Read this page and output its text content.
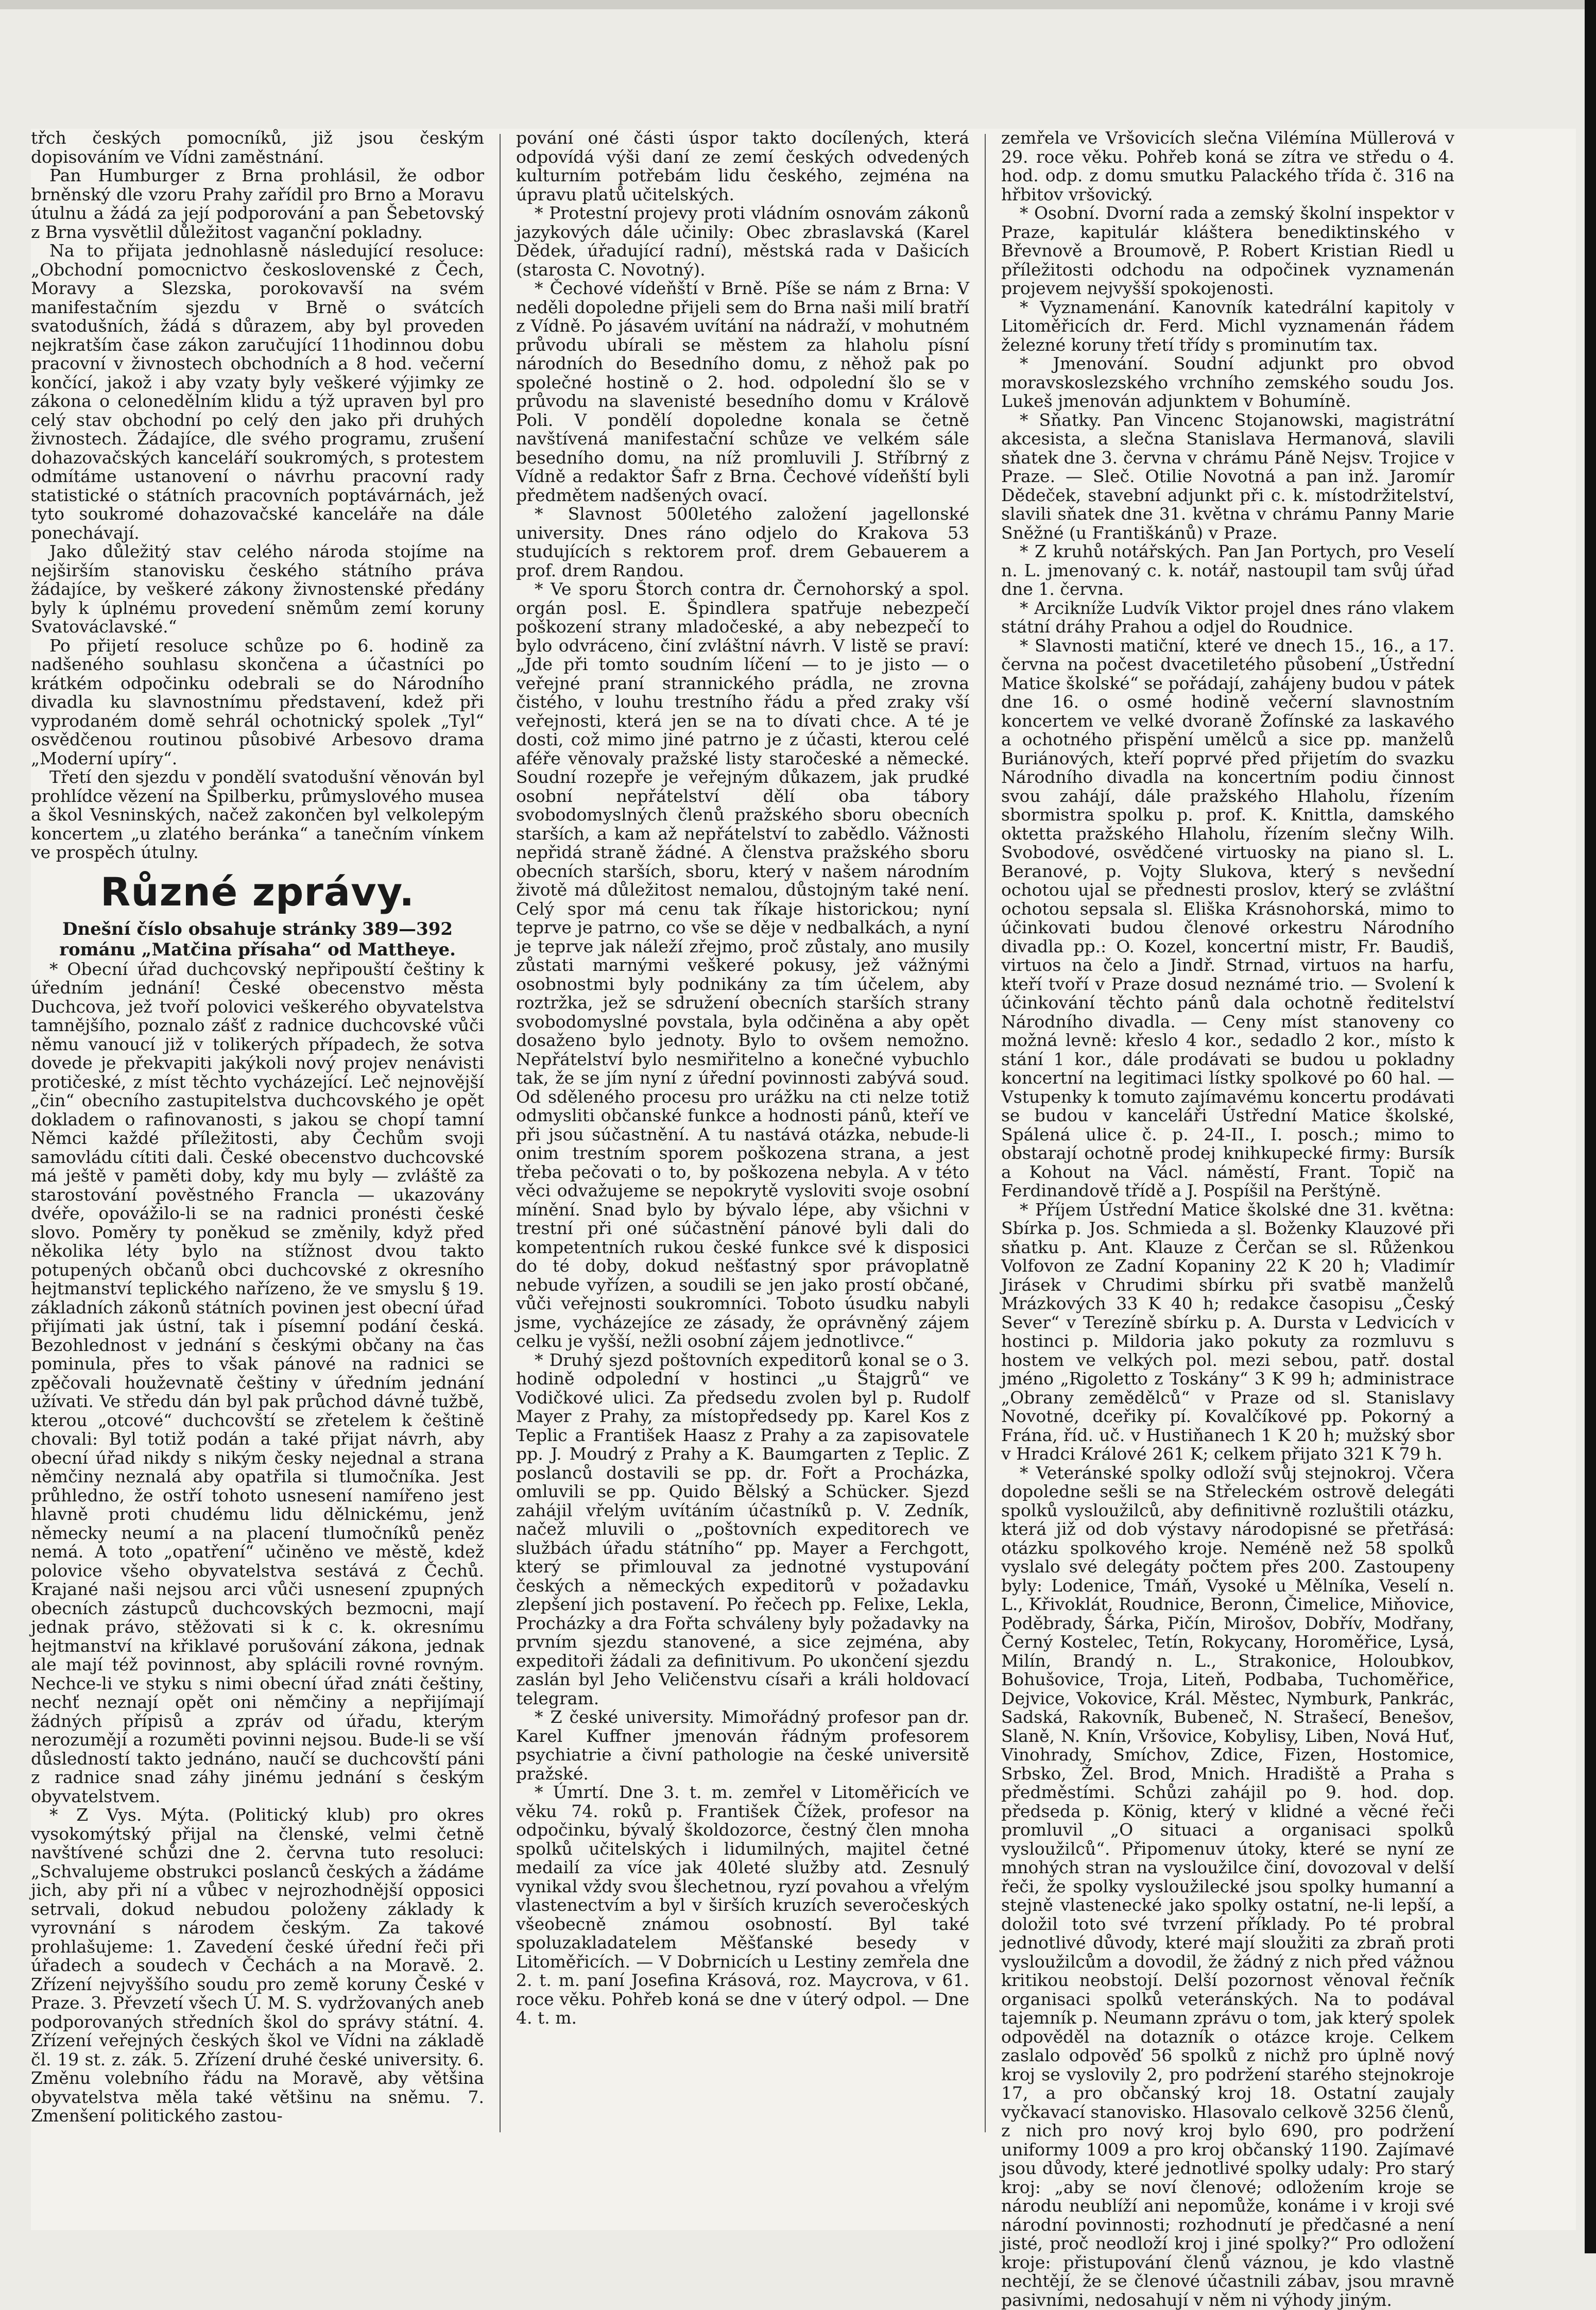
třch českých pomocníků, již jsou českým dopisováním ve Vídni zaměstnání.

Pan Humburger z Brna prohlásil, že odbor brněnský dle vzoru Prahy zařídil pro Brno a Moravu útulnu a žádá za její podporování a pan Šebetovský z Brna vysvětlil důležitost vaganční pokladny.

Na to přijata jednohlasně následující resoluce: „Obchodní pomocnictvo československé z Čech, Moravy a Slezska, porokovavší na svém manifestačním sjezdu v Brně o svátcích svatodušních, žádá s důrazem, aby byl proveden nejkratším čase zákon zaručující 11hodinnou dobu pracovní v živnostech obchodních a 8 hod. večerní končící, jakož i aby vzaty byly veškeré výjimky ze zákona o celonedělním klidu a týž upraven byl pro celý stav obchodní po celý den jako při druhých živnostech. Žádajíce, dle svého programu, zrušení dohazovačských kanceláří soukromých, s protestem odmítáme ustanovení o návrhu pracovní rady statistické o státních pracovních poptávárnách, jež tyto soukromé dohazovačské kanceláře na dále ponechávají.

Jako důležitý stav celého národa stojíme na nejširším stanovisku českého státního práva žádajíce, by veškeré zákony živnostenské předány byly k úplnému provedení sněmům zemí koruny Svatováclavské.“

Po přijetí resoluce schůze po 6. hodině za nadšeného souhlasu skončena a účastníci po krátkém odpočinku odebrali se do Národního divadla ku slavnostnímu představení, kdež při vyprodaném domě sehrál ochotnický spolek „Tyl“ osvědčenou routinou působivé Arbesovo drama „Moderní upíry“.

Třetí den sjezdu v pondělí svatodušní věnován byl prohlídce vězení na Špilberku, průmyslového musea a škol Vesninských, načež zakončen byl velkolepým koncertem „u zlatého beránka“ a tanečním vínkem ve prospěch útulny.

Různé zprávy.

Dnešní číslo obsahuje stránky 389—392 románu „Matčina přísaha“ od Mattheye.

* Obecní úřad duchcovský nepřipouští češtiny k úředním jednání! České obecenstvo města Duchcova, jež tvoří polovici veškerého obyvatelstva tamnějšího, poznalo zášť z radnice duchcovské vůči němu vanoucí již v tolikerých případech, že sotva dovede je překvapiti jakýkoli nový projev nenávisti protičeské, z míst těchto vycházející. Leč nejnovější „čin“ obecního zastupitelstva duchcovského je opět dokladem o rafinovanosti, s jakou se chopí tamní Němci každé příležitosti, aby Čechům svoji samovládu cítiti dali. České obecenstvo duchcovské má ještě v paměti doby, kdy mu byly — zvláště za starostování pověstného Francla — ukazovány dvéře, opovážilo-li se na radnici pronésti české slovo. Poměry ty poněkud se změnily, když před několika léty bylo na stížnost dvou takto potupených občanů obci duchcovské z okresního hejtmanství teplického nařízeno, že ve smyslu § 19. základních zákonů státních povinen jest obecní úřad přijímati jak ústní, tak i písemní podání česká. Bezohlednost v jednání s českými občany na čas pominula, přes to však pánové na radnici se zpěčovali houževnatě češtiny v úředním jednání užívati. Ve středu dán byl pak průchod dávné tužbě, kterou „otcové“ duchcovští se zřetelem k češtině chovali: Byl totiž podán a také přijat návrh, aby obecní úřad nikdy s nikým česky nejednal a strana němčiny neznalá aby opatřila si tlumočníka. Jest průhledno, že ostří tohoto usnesení namířeno jest hlavně proti chudému lidu dělnickému, jenž německy neumí a na placení tlumočníků peněz nemá. A toto „opatření“ učiněno ve městě, kdež polovice všeho obyvatelstva sestává z Čechů. Krajané naši nejsou arci vůči usnesení zpupných obecních zástupců duchcovských bezmocni, mají jednak právo, stěžovati si k c. k. okresnímu hejtmanství na křiklavé porušování zákona, jednak ale mají též povinnost, aby splácili rovné rovným. Nechce-li ve styku s nimi obecní úřad znáti češtiny, nechť neznají opět oni němčiny a nepřijímají žádných přípisů a zpráv od úřadu, kterým nerozumějí a rozuměti povinni nejsou. Bude-li se vší důsledností takto jednáno, naučí se duchcovští páni z radnice snad záhy jinému jednání s českým obyvatelstvem.

* Z Vys. Mýta. (Politický klub) pro okres vysokomýtský přijal na členské, velmi četně navštívené schůzi dne 2. června tuto resoluci: „Schvalujeme obstrukci poslanců českých a žádáme jich, aby při ní a vůbec v nejrozhodnější opposici setrvali, dokud nebudou položeny základy k vyrovnání s národem českým. Za takové prohlašujeme: 1. Zavedení české úřední řeči při úřadech a soudech v Čechách a na Moravě. 2. Zřízení nejvyššího soudu pro země koruny České v Praze. 3. Převzetí všech Ú. M. S. vydržovaných aneb podporovaných středních škol do správy státní. 4. Zřízení veřejných českých škol ve Vídni na základě čl. 19 st. z. zák. 5. Zřízení druhé české university. 6. Změnu volebního řádu na Moravě, aby většina obyvatelstva měla také většinu na sněmu. 7. Zmenšení politického zastou-

pování oné části úspor takto docílených, která odpovídá výši daní ze zemí českých odvedených kulturním potřebám lidu českého, zejména na úpravu platů učitelských.

* Protestní projevy proti vládním osnovám zákonů jazykových dále učinily: Obec zbraslavská (Karel Dědek, úřadující radní), městská rada v Dašicích (starosta C. Novotný).

* Čechové vídeňští v Brně. Píše se nám z Brna: V neděli dopoledne přijeli sem do Brna naši milí bratří z Vídně. Po jásavém uvítání na nádraží, v mohutném průvodu ubírali se městem za hlaholu písní národních do Besedního domu, z něhož pak po společné hostině o 2. hod. odpolední šlo se v průvodu na slavenisté besedního domu v Králově Poli. V pondělí dopoledne konala se četně navštívená manifestační schůze ve velkém sále besedního domu, na níž promluvili J. Stříbrný z Vídně a redaktor Šafr z Brna. Čechové vídeňští byli předmětem nadšených ovací.

* Slavnost 500letého založení jagellonské university. Dnes ráno odjelo do Krakova 53 studujících s rektorem prof. drem Gebauerem a prof. drem Randou.

* Ve sporu Štorch contra dr. Černohorský a spol. orgán posl. E. Špindlera spatřuje nebezpečí poškození strany mladočeské, a aby nebezpečí to bylo odvráceno, činí zvláštní návrh. V listě se praví: „Jde při tomto soudním líčení — to je jisto — o veřejné praní strannického prádla, ne zrovna čistého, v louhu trestního řádu a před zraky vší veřejnosti, která jen se na to dívati chce. A té je dosti, což mimo jiné patrno je z účasti, kterou celé aféře věnovaly pražské listy staročeské a německé. Soudní rozepře je veřejným důkazem, jak prudké osobní nepřátelství dělí oba tábory svobodomyslných členů pražského sboru obecních starších, a kam až nepřátelství to zabědlo. Vážnosti nepřidá straně žádné. A členstva pražského sboru obecních starších, sboru, který v našem národním životě má důležitost nemalou, důstojným také není. Celý spor má cenu tak říkaje historickou; nyní teprve je patrno, co vše se děje v nedbalkách, a nyní je teprve jak náleží zřejmo, proč zůstaly, ano musily zůstati marnými veškeré pokusy, jež vážnými osobnostmi byly podnikány za tím účelem, aby roztržka, jež se sdružení obecních starších strany svobodomyslné povstala, byla odčiněna a aby opět dosaženo bylo jednoty. Bylo to ovšem nemožno. Nepřátelství bylo nesmiřitelno a konečné vybuchlo tak, že se jím nyní z úřední povinnosti zabývá soud. Od sděleného procesu pro urážku na cti nelze totiž odmysliti občanské funkce a hodnosti pánů, kteří ve při jsou súčastnění. A tu nastává otázka, nebude-li onim trestním sporem poškozena strana, a jest třeba pečovati o to, by poškozena nebyla. A v této věci odvažujeme se nepokrytě vysloviti svoje osobní mínění. Snad bylo by bývalo lépe, aby všichni v trestní při oné súčastnění pánové byli dali do kompetentních rukou české funkce své k disposici do té doby, dokud nešťastný spor právoplatně nebude vyřízen, a soudili se jen jako prostí občané, vůči veřejnosti soukromníci. Toboto úsudku nabyli jsme, vycházejíce ze zásady, že oprávněný zájem celku je vyšší, nežli osobní zájem jednotlivce.“

* Druhý sjezd poštovních expeditorů konal se o 3. hodině odpolední v hostinci „u Štajgrů“ ve Vodičkové ulici. Za předsedu zvolen byl p. Rudolf Mayer z Prahy, za místopředsedy pp. Karel Kos z Teplic a František Haasz z Prahy a za zapisovatele pp. J. Moudrý z Prahy a K. Baumgarten z Teplic. Z poslanců dostavili se pp. dr. Fořt a Procházka, omluvili se pp. Quido Bělský a Schücker. Sjezd zahájil vřelým uvítáním účastníků p. V. Zedník, načež mluvili o „poštovních expeditorech ve službách úřadu státního“ pp. Mayer a Ferchgott, který se přimlouval za jednotné vystupování českých a německých expeditorů v požadavku zlepšení jich postavení. Po řečech pp. Felixe, Lekla, Procházky a dra Fořta schváleny byly požadavky na prvním sjezdu stanovené, a sice zejména, aby expeditoři žádali za definitivum. Po ukončení sjezdu zaslán byl Jeho Veličenstvu císaři a králi holdovací telegram.

* Z české university. Mimořádný profesor pan dr. Karel Kuffner jmenován řádným profesorem psychiatrie a čivní pathologie na české universitě pražské.

* Úmrtí. Dne 3. t. m. zemřel v Litoměřicích ve věku 74. roků p. František Čížek, profesor na odpočinku, bývalý školdozorce, čestný člen mnoha spolků učitelských i lidumilných, majitel četné medailí za více jak 40leté služby atd. Zesnulý vynikal vždy svou šlechetnou, ryzí povahou a vřelým vlastenectvím a byl v širších kruzích severočeských všeobecně známou osobností. Byl také spoluzakladatelem Měšťanské besedy v Litoměřicích. — V Dobrnicích u Lestiny zemřela dne 2. t. m. paní Josefina Krásová, roz. Maycrova, v 61. roce věku. Pohřeb koná se dne v úterý odpol. — Dne 4. t. m.

zemřela ve Vršovicích slečna Vilémína Müllerová v 29. roce věku. Pohřeb koná se zítra ve středu o 4. hod. odp. z domu smutku Palackého třída č. 316 na hřbitov vršovický.

* Osobní. Dvorní rada a zemský školní inspektor v Praze, kapitulár kláštera benediktinského v Břevnově a Broumově, P. Robert Kristian Riedl u příležitosti odchodu na odpočinek vyznamenán projevem nejvyšší spokojenosti.

* Vyznamenání. Kanovník katedrální kapitoly v Litoměřicích dr. Ferd. Michl vyznamenán řádem železné koruny třetí třídy s prominutím tax.

* Jmenování. Soudní adjunkt pro obvod moravskoslezského vrchního zemského soudu Jos. Lukeš jmenován adjunktem v Bohumíně.

* Sňatky. Pan Vincenc Stojanowski, magistrátní akcesista, a slečna Stanislava Hermanová, slavili sňatek dne 3. června v chrámu Páně Nejsv. Trojice v Praze. — Sleč. Otilie Novotná a pan inž. Jaromír Dědeček, stavební adjunkt při c. k. místodržitelství, slavili sňatek dne 31. května v chrámu Panny Marie Sněžné (u Františkánů) v Praze.

* Z kruhů notářských. Pan Jan Portych, pro Veselí n. L. jmenovaný c. k. notář, nastoupil tam svůj úřad dne 1. června.

* Arcikníže Ludvík Viktor projel dnes ráno vlakem státní dráhy Prahou a odjel do Roudnice.

* Slavnosti matiční, které ve dnech 15., 16., a 17. června na počest dvacetiletého působení „Ústřední Matice školské“ se pořádají, zahájeny budou v pátek dne 16. o osmé hodině večerní slavnostním koncertem ve velké dvoraně Žofínské za laskavého a ochotného přispění umělců a sice pp. manželů Buriánových, kteří poprvé před přijetím do svazku Národního divadla na koncertním podiu činnost svou zahájí, dále pražského Hlaholu, řízením sbormistra spolku p. prof. K. Knittla, damského oktetta pražského Hlaholu, řízením slečny Wilh. Svobodové, osvědčené virtuosky na piano sl. L. Beranové, p. Vojty Slukova, který s nevšední ochotou ujal se přednesti proslov, který se zvláštní ochotou sepsala sl. Eliška Krásnohorská, mimo to účinkovati budou členové orkestru Národního divadla pp.: O. Kozel, koncertní mistr, Fr. Baudiš, virtuos na čelo a Jindř. Strnad, virtuos na harfu, kteří tvoří v Praze dosud neznámé trio. — Svolení k účinkování těchto pánů dala ochotně ředitelství Národního divadla. — Ceny míst stanoveny co možná levně: křeslo 4 kor., sedadlo 2 kor., místo k stání 1 kor., dále prodávati se budou u pokladny koncertní na legitimaci lístky spolkové po 60 hal. — Vstupenky k tomuto zajímavému koncertu prodávati se budou v kanceláři Ústřední Matice školské, Spálená ulice č. p. 24-II., I. posch.; mimo to obstarají ochotně prodej knihkupecké firmy: Bursík a Kohout na Václ. náměstí, Frant. Topič na Ferdinandově třídě a J. Pospíšil na Perštýně.

* Příjem Ústřední Matice školské dne 31. května: Sbírka p. Jos. Schmieda a sl. Boženky Klauzové při sňatku p. Ant. Klauze z Čerčan se sl. Růženkou Volfovon ze Zadní Kopaniny 22 K 20 h; Vladimír Jirásek v Chrudimi sbírku při svatbě manželů Mrázkových 33 K 40 h; redakce časopisu „Český Sever“ v Terezíně sbírku p. A. Dursta v Ledvicích v hostinci p. Mildoria jako pokuty za rozmluvu s hostem ve velkých pol. mezi sebou, patř. dostal jméno „Rigoletto z Toskány“ 3 K 99 h; administrace „Obrany zemědělců“ v Praze od sl. Stanislavy Novotné, dceřiky pí. Kovalčíkové pp. Pokorný a Frána, říd. uč. v Hustiňanech 1 K 20 h; mužský sbor v Hradci Králové 261 K; celkem přijato 321 K 79 h.

* Veteránské spolky odloží svůj stejnokroj. Včera dopoledne sešli se na Střeleckém ostrově delegáti spolků vysloužilců, aby definitivně rozluštili otázku, která již od dob výstavy národopisné se přetřásá: otázku spolkového kroje. Neméně než 58 spolků vyslalo své delegáty počtem přes 200. Zastoupeny byly: Lodenice, Tmáň, Vysoké u Mělníka, Veselí n. L., Křivoklát, Roudnice, Beronn, Čimelice, Miňovice, Poděbrady, Šárka, Pičín, Mirošov, Dobřív, Modřany, Černý Kostelec, Tetín, Rokycany, Horoměřice, Lysá, Milín, Brandý n. L., Strakonice, Holoubkov, Bohušovice, Troja, Liteň, Podbaba, Tuchoměřice, Dejvice, Vokovice, Král. Městec, Nymburk, Pankrác, Sadská, Rakovník, Bubeneč, N. Strašecí, Benešov, Slaně, N. Knín, Vršovice, Kobylisy, Liben, Nová Huť, Vinohrady, Smíchov, Zdice, Fizen, Hostomice, Srbsko, Žel. Brod, Mnich. Hradiště a Praha s předměstími. Schůzi zahájil po 9. hod. dop. předseda p. König, který v klidné a věcné řeči promluvil „O situaci a organisaci spolků vysloužilců“. Připomenuv útoky, které se nyní ze mnohých stran na vysloužilce činí, dovozoval v delší řeči, že spolky vysloužilecké jsou spolky humanní a stejně vlastenecké jako spolky ostatní, ne-li lepší, a doložil toto své tvrzení příklady. Po té probral jednotlivé důvody, které mají sloužiti za zbraň proti vysloužilcům a dovodil, že žádný z nich před vážnou kritikou neobstojí. Delší pozornost věnoval řečník organisaci spolků veteránských. Na to podával tajemník p. Neumann zprávu o tom, jak který spolek odpověděl na dotazník o otázce kroje. Celkem zaslalo odpověď 56 spolků z nichž pro úplně nový kroj se vyslovily 2, pro podržení starého stejnokroje 17, a pro občanský kroj 18. Ostatní zaujaly vyčkavací stanovisko. Hlasovalo celkově 3256 členů, z nich pro nový kroj bylo 690, pro podržení uniformy 1009 a pro kroj občanský 1190. Zajímavé jsou důvody, které jednotlivé spolky udaly: Pro starý kroj: „aby se noví členové; odložením kroje se národu neublíží ani nepomůže, konáme i v kroji své národní povinnosti; rozhodnutí je předčasné a není jisté, proč neodloží kroj i jiné spolky?“ Pro odložení kroje: přistupování členů váznou, je kdo vlastně nechtějí, že se členové účastnili zábav, jsou mravně pasivními, nedosahují v něm ni výhody jiným.
